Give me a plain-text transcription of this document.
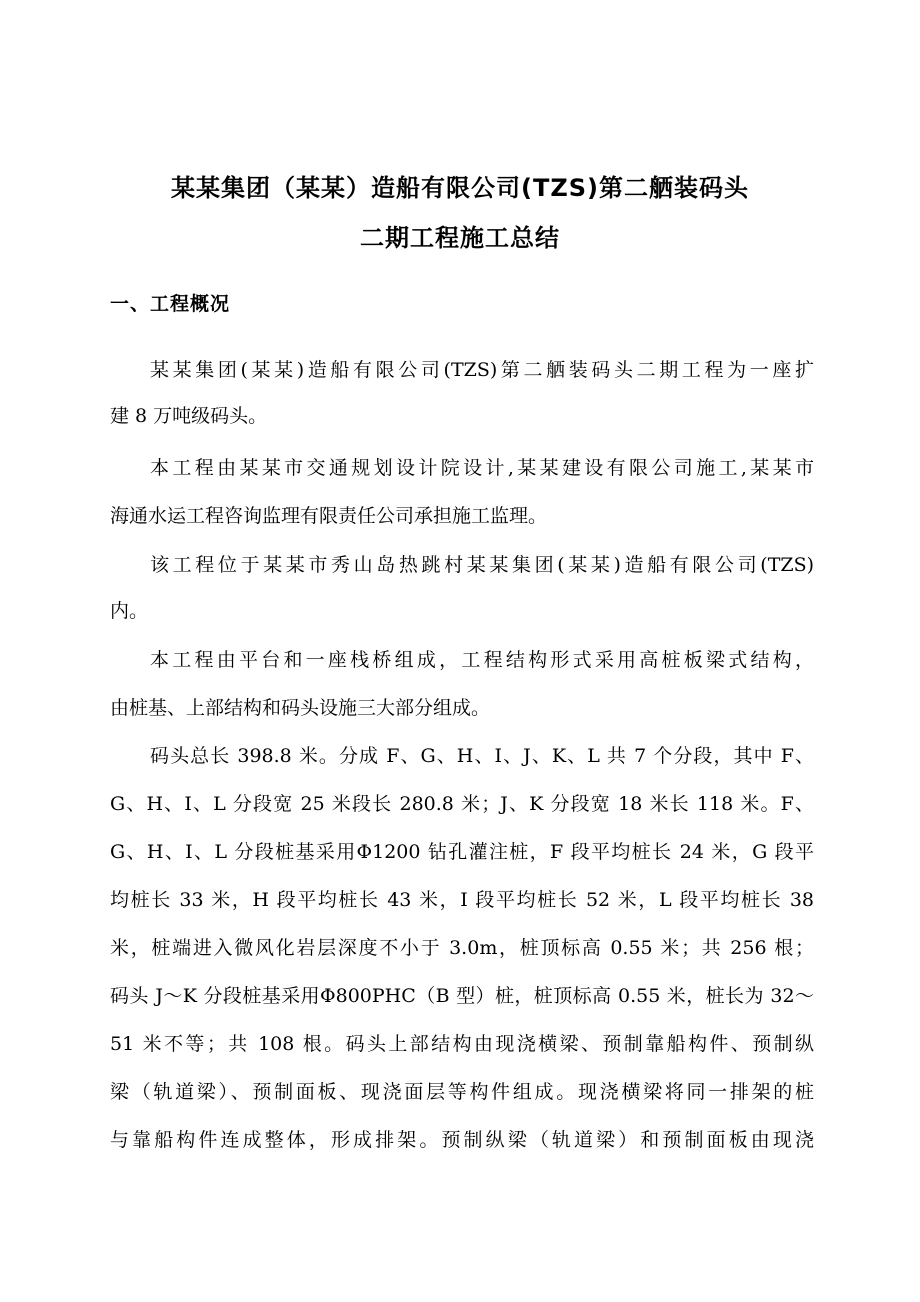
某某集团（某某）造船有限公司(TZS)第二舾装码头
二期工程施工总结
一、工程概况
某某集团(某某)造船有限公司(TZS)第二舾装码头二期工程为一座扩
建 8 万吨级码头。
本工程由某某市交通规划设计院设计,某某建设有限公司施工,某某市
海通水运工程咨询监理有限责任公司承担施工监理。
该工程位于某某市秀山岛热跳村某某集团(某某)造船有限公司(TZS)
内。
本工程由平台和一座栈桥组成，工程结构形式采用高桩板梁式结构，
由桩基、上部结构和码头设施三大部分组成。
码头总长 398.8 米。分成 F、G、H、I、J、K、L 共 7 个分段，其中 F、
G、H、I、L 分段宽 25 米段长 280.8 米；J、K 分段宽 18 米长 118 米。F、
G、H、I、L 分段桩基采用Φ1200 钻孔灌注桩，F 段平均桩长 24 米，G 段平
均桩长 33 米，H 段平均桩长 43 米，I 段平均桩长 52 米，L 段平均桩长 38
米，桩端进入微风化岩层深度不小于 3.0m，桩顶标高 0.55 米；共 256 根；
码头 J～K 分段桩基采用Φ800PHC（B 型）桩，桩顶标高 0.55 米，桩长为 32～
51 米不等；共 108 根。码头上部结构由现浇横梁、预制靠船构件、预制纵
梁（轨道梁）、预制面板、现浇面层等构件组成。现浇横梁将同一排架的桩
与靠船构件连成整体，形成排架。预制纵梁（轨道梁）和预制面板由现浇
